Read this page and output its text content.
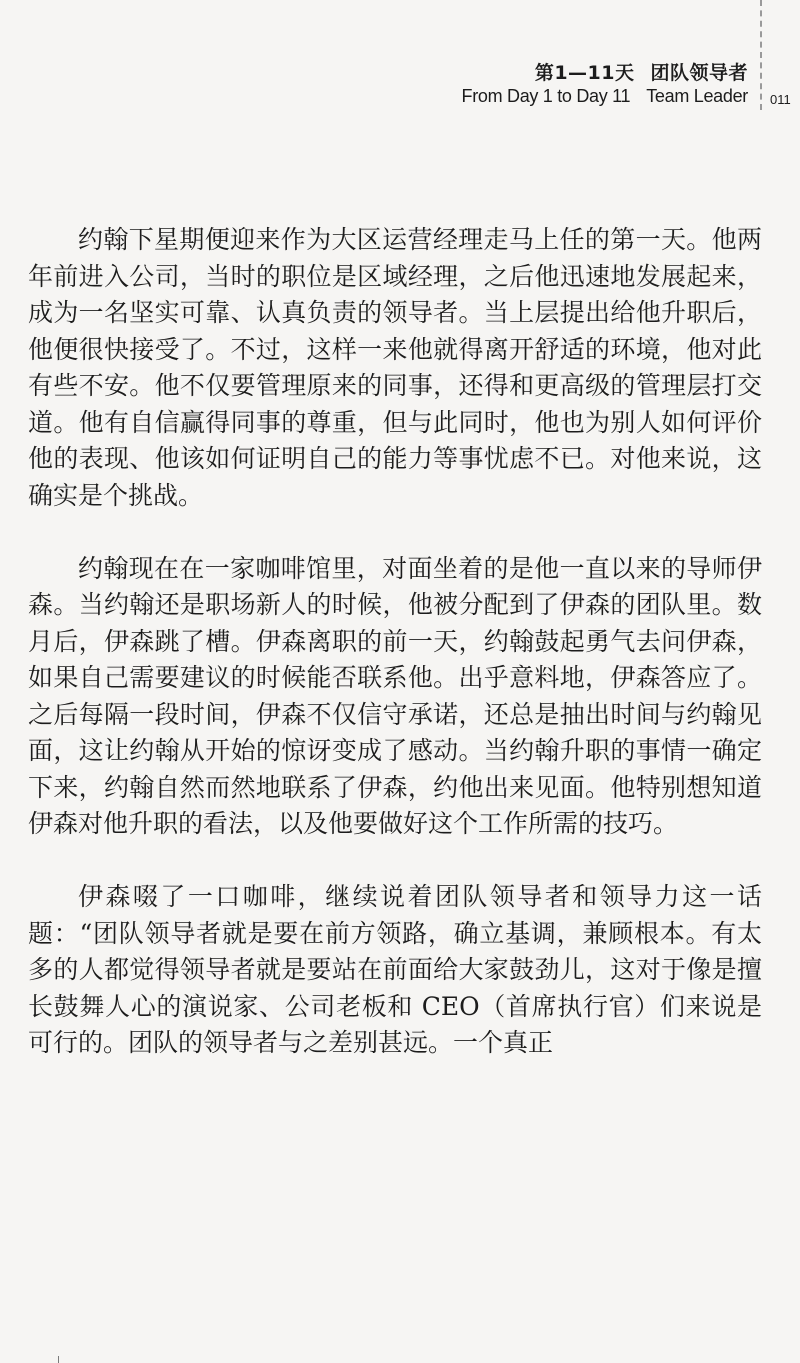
第1—11天 团队领导者
From Day 1 to Day 11 Team Leader 011

约翰下星期便迎来作为大区运营经理走马上任的第一天。他两年前进入公司，当时的职位是区域经理，之后他迅速地发展起来，成为一名坚实可靠、认真负责的领导者。当上层提出给他升职后，他便很快接受了。不过，这样一来他就得离开舒适的环境，他对此有些不安。他不仅要管理原来的同事，还得和更高级的管理层打交道。他有自信赢得同事的尊重，但与此同时，他也为别人如何评价他的表现、他该如何证明自己的能力等事忧虑不已。对他来说，这确实是个挑战。

约翰现在在一家咖啡馆里，对面坐着的是他一直以来的导师伊森。当约翰还是职场新人的时候，他被分配到了伊森的团队里。数月后，伊森跳了槽。伊森离职的前一天，约翰鼓起勇气去问伊森，如果自己需要建议的时候能否联系他。出乎意料地，伊森答应了。之后每隔一段时间，伊森不仅信守承诺，还总是抽出时间与约翰见面，这让约翰从开始的惊讶变成了感动。当约翰升职的事情一确定下来，约翰自然而然地联系了伊森，约他出来见面。他特别想知道伊森对他升职的看法，以及他要做好这个工作所需的技巧。

伊森啜了一口咖啡，继续说着团队领导者和领导力这一话题：“团队领导者就是要在前方领路，确立基调，兼顾根本。有太多的人都觉得领导者就是要站在前面给大家鼓劲儿，这对于像是擅长鼓舞人心的演说家、公司老板和 CEO（首席执行官）们来说是可行的。团队的领导者与之差别甚远。一个真正
